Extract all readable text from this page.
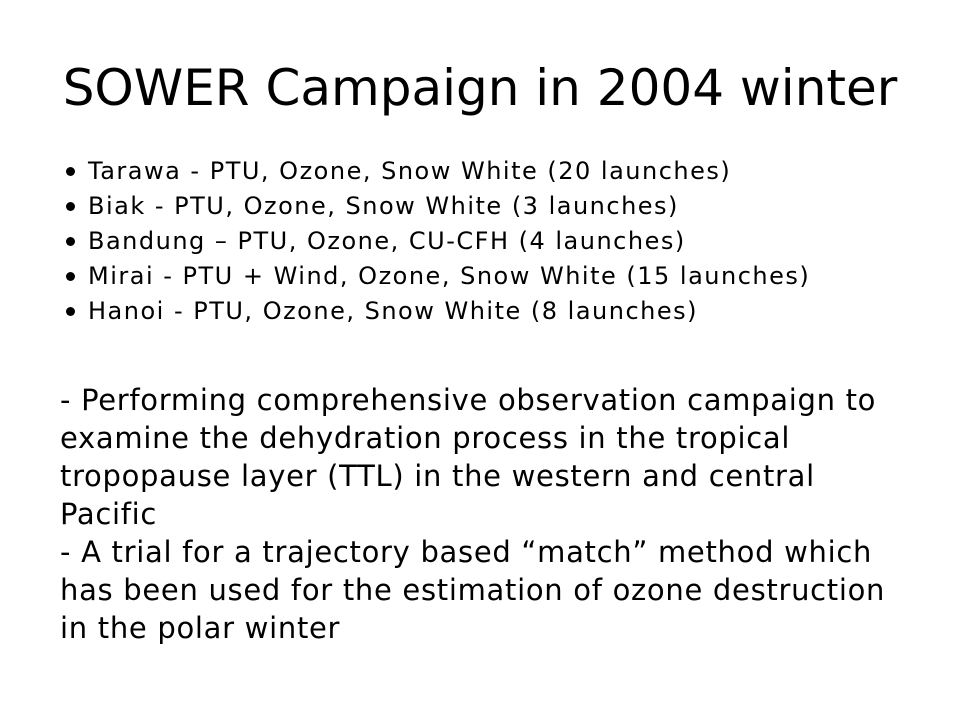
SOWER Campaign in 2004 winter
Tarawa - PTU, Ozone, Snow White (20 launches)
Biak - PTU, Ozone, Snow White (3 launches)
Bandung – PTU, Ozone, CU-CFH (4 launches)
Mirai - PTU + Wind, Ozone, Snow White (15 launches)
Hanoi - PTU, Ozone, Snow White (8 launches)
- Performing comprehensive observation campaign to
examine the dehydration process in the tropical
tropopause layer (TTL) in the western and central
Pacific
- A trial for a trajectory based “match” method which
has been used for the estimation of ozone destruction
in the polar winter
